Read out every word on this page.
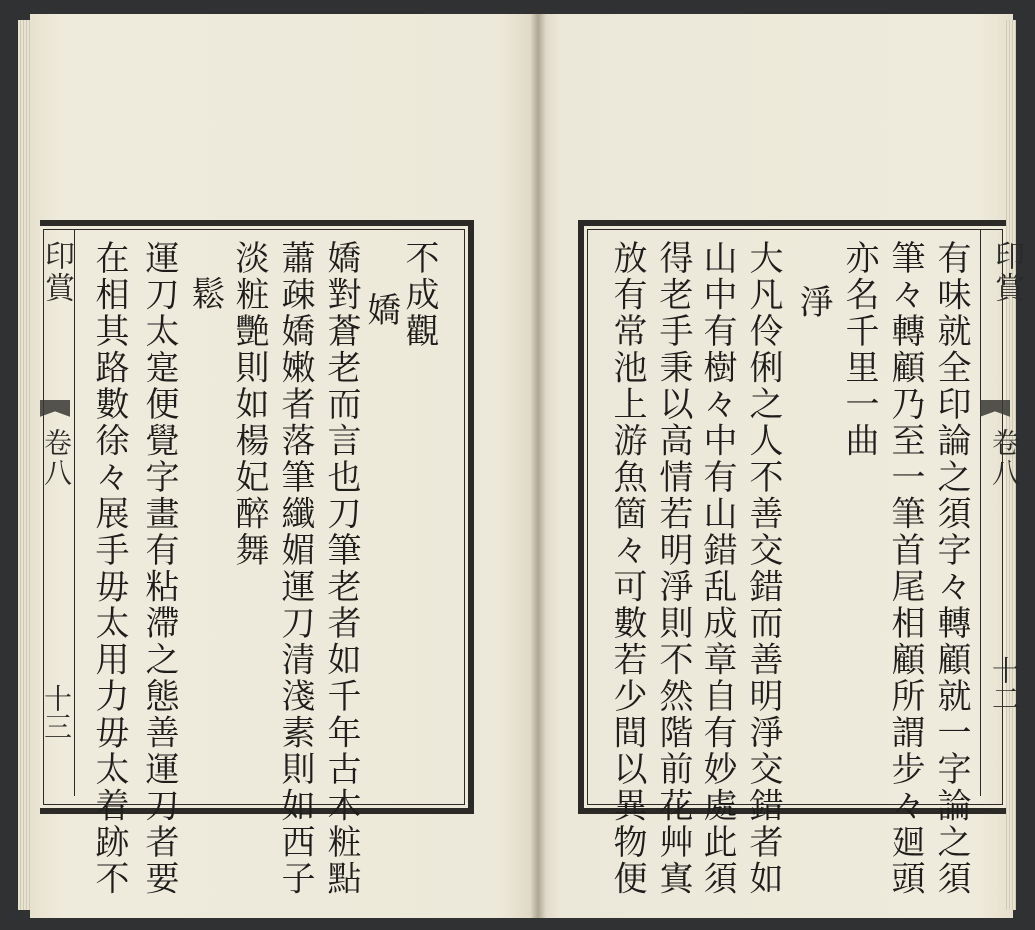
印賞
卷八
十三
不成觀
嬌
嬌對蒼老而言也刀筆老者如千年古木粧點
蕭疎嬌嫩者落筆纖媚運刀清淺素則如西子
淡粧艷則如楊妃醉舞
鬆
運刀太寔便覺字畫有粘滯之態善運刀者要
在相其路數徐々展手毋太用力毋太着跡不	印賞
卷八
十二
有味就全印論之須字々轉顧就一字論之須
筆々轉顧乃至一筆首尾相顧所謂步々廻頭
亦名千里一曲
淨
大凡伶俐之人不善交錯而善明淨交錯者如
山中有樹々中有山錯乱成章自有妙處此須
得老手秉以高情若明淨則不然階前花艸寘
放有常池上游魚箇々可數若少間以異物便
